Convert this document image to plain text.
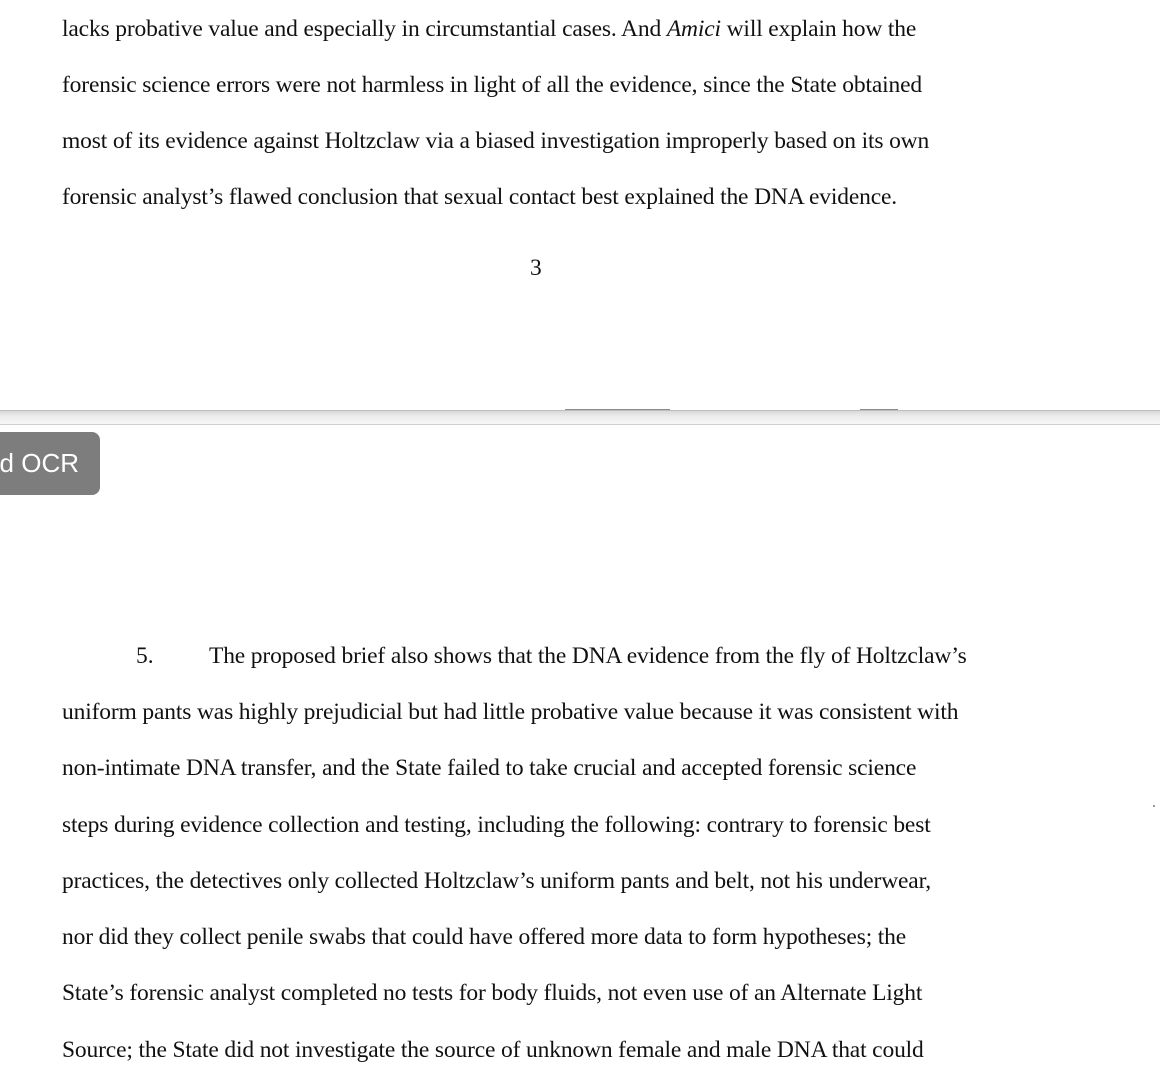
lacks probative value and especially in circumstantial cases. And Amici will explain how the
forensic science errors were not harmless in light of all the evidence, since the State obtained
most of its evidence against Holtzclaw via a biased investigation improperly based on its own
forensic analyst’s flawed conclusion that sexual contact best explained the DNA evidence.
3
5. The proposed brief also shows that the DNA evidence from the fly of Holtzclaw’s
uniform pants was highly prejudicial but had little probative value because it was consistent with
non-intimate DNA transfer, and the State failed to take crucial and accepted forensic science
steps during evidence collection and testing, including the following: contrary to forensic best
practices, the detectives only collected Holtzclaw’s uniform pants and belt, not his underwear,
nor did they collect penile swabs that could have offered more data to form hypotheses; the
State’s forensic analyst completed no tests for body fluids, not even use of an Alternate Light
Source; the State did not investigate the source of unknown female and male DNA that could
d OCR
